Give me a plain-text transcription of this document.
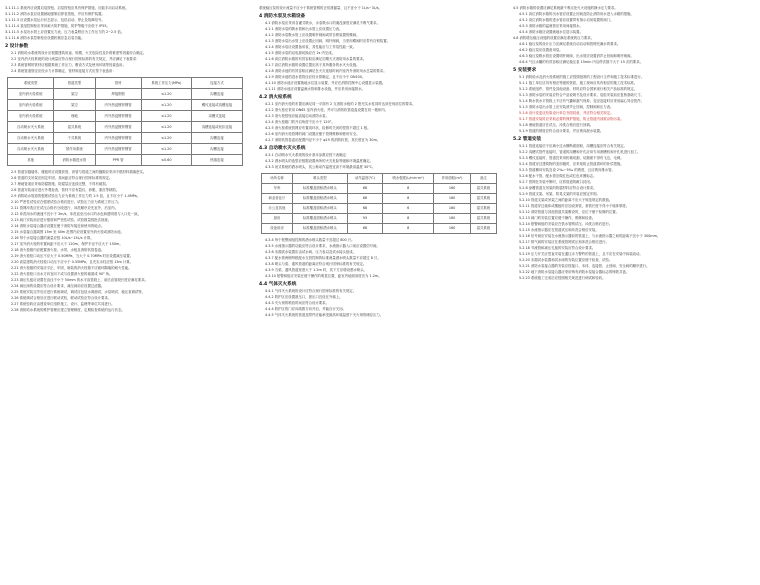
3.1.11.1 系统内应设置启泵按钮，启泵按钮应具有保护措施，应能手动启动系统。
3.1.11.2 消防水泵应设置就地强制启停泵按钮，并应有保护装置。
3.1.11.3 应设置水泵运行状态显示，包括启动、停止及故障信号。
3.1.11.4 泵组控制柜应采用耐火防护措施，防护等级不应低于 IP55。
3.1.11.5 水泵出水管上应设置压力表，压力表量程应为工作压力的 2~2.5 倍。
3.1.11.6 消防水泵控制柜应设置机械应急启泵功能。
2 设计参数
2.1 消防给水系统的设计应根据建筑用途、规模、火灾危险性及扑救难度等因素综合确定。
2.2 室内消火栓系统的设计流量应符合现行国家标准的有关规定，并应满足下表要求：
2.3 系统管网的管材应根据系统工作压力、敷设方式及使用环境等因素选用。
2.4 系统管道管径应经水力计算确定，管材和连接方式应按下表选用：
系统类型	管道类型	管材	系统工作压力(MPa)	连接方式
室内消火栓系统	架空	焊接钢管	≤1.20	沟槽连接
室内消火栓系统	架空	内外热浸镀锌钢管	≤1.20	螺纹连接或沟槽连接
室内消火栓系统	埋地	内外热浸镀锌钢管	≤1.20	沟槽式连接
自动喷水灭火系统	湿式系统	内外热浸镀锌钢管	≤1.20	沟槽连接或丝扣连接
自动喷水灭火系统	干式系统	内外热浸镀锌钢管	≤1.20	沟槽连接
自动喷水灭火系统	预作用系统	内外热浸镀锌钢管	≤1.20	沟槽连接
其他	消防水箱进水管	PPR 管	≤0.60	热熔连接
2.5 管道穿越墙体、楼板时应设置套管，套管与管道之间的缝隙应采用不燃材料填塞密实。
2.6 管道的支吊架应固定牢固，其间距应符合现行国家标准的规定。
2.7 埋地管道应采取防腐措施，防腐层应连续完整，不得有破损。
2.8 管道安装前应进行外观检查，管材不应有裂纹、砂眼、重皮等缺陷。
2.9 消防给水管道的强度试验压力应为系统工作压力的 1.5 倍，且不应小于 1.4MPa。
2.10 严密性试验应在强度试验合格后进行，试验压力应为系统工作压力。
2.11 管网冲洗应在试压合格后分段进行，冲洗顺序应先室外、后室内。
2.12 冲洗用水的流速不宜小于 3m/s，冲洗直至出水口的水色和透明度与入口处一致。
2.13 阀门安装前应进行强度和严密性试验，试验数量按批次抽查。
2.14 消防水泵接合器应设置在便于消防车接近和使用的地点。
2.15 水泵接合器周围 15m 至 40m 范围内应设置室外消火栓或消防水池。
2.16 每个水泵接合器的流量应按 10L/s~15L/s 计算。
2.17 室外消火栓的布置间距不应大于 120m，保护半径不应大于 150m。
2.18 消火栓箱内应配置消火栓、水带、水枪及消防软管卷盘。
2.19 消火栓栓口动压不应大于 0.50MPa，当大于 0.70MPa 时应设置减压装置。
2.20 高层建筑消火栓栓口动压不应小于 0.35MPa，且充实水柱应按 13m 计算。
2.21 消火栓箱的安装应平正、牢固，暗装的消火栓箱不应破坏隔墙的耐火性能。
2.22 消火栓栓口出水方向宜向下或与设置消火栓的墙面成 90° 角。
2.23 减压孔板应设置在直径不小于 50mm 的水平直管段上，前后直管段长度应满足要求。
2.24 减压阀的设置应符合设计要求，减压阀前应设置过滤器。
2.25 系统安装完毕后应进行系统调试，调试应包括水源测试、水泵调试、稳压泵调试等。
2.26 系统调试合格后应进行联动试验，联动试验应符合设计要求。
2.27 系统验收应由建设单位组织施工、设计、监理等单位共同进行。
2.28 消防给水系统的维护管理应建立管理制度，定期检查系统的运行状态。
系统稳压泵的设计流量不应小于系统管网的正常泄漏量，且不宜小于 1L/s~3L/s。
4 消防水泵及水箱设备
4.1 消防水泵应采用自灌式吸水，水泵吸水口的淹没深度应满足不吸气要求。
4.1.1 消防水泵的吸水管和出水管上应设置压力表。
4.1.2 消防水泵吸水管上应设置明杆闸阀或带自锁装置的蝶阀。
4.1.3 消防水泵出水管上应设置止回阀、明杆闸阀，当采用蝶阀时应带有自锁装置。
4.1.4 消防水泵应设置备用泵，其性能应与工作泵性能一致。
4.1.5 消防水泵的双电源切换应在 2s 内完成。
4.1.6 高位消防水箱的有效容积应满足初期火灾消防用水量的要求。
4.1.7 高位消防水箱的设置位置应高于其所服务的水灭火设施。
4.1.8 消防水池的有效容积应满足在火灾延续时间内室内外消防用水总量的要求。
4.1.9 消防水池的进水管管径应经计算确定，且不应小于 DN100。
4.1.10 消防水池应设置就地水位显示装置，并应在消防控制中心设置显示装置。
4.1.11 消防水池应设置溢流水管和排水设施，并应采用间接排水。
4.2 消火栓系统
4.2.1 室内消火栓的布置应满足同一平面有 2 支消防水枪的 2 股充实水柱同时达到任何部位的要求。
4.2.2 消火栓应采用 DN65 室内消火栓，并可与消防软管卷盘设置在同一箱体内。
4.2.3 消火栓按钮应能直接启动消防水泵。
4.2.4 消火栓箱门的开启角度不应小于 120°。
4.2.5 消火栓系统管网应布置成环状，检修时关闭的竖管不超过 1 根。
4.2.6 室内消火栓管网的阀门设置应便于管网维修和使用安全。
4.2.7 消防软管卷盘应配置内径不小于 φ19 的消防软管，其长度宜为 30m。
4.3 自动喷水灭火系统
4.3.1 自动喷水灭火系统的设计基本参数应按下表确定：
4.3.2 洒水喷头的选型应根据设置场所的火灾危险等级和环境温度确定。
4.3.3 闭式系统的洒水喷头，其公称动作温度宜高于环境最高温度 30℃。
场所名称	喷头类型	动作温度(℃)	喷水强度(L/min·m²)	作用面积(m²)	备注
车库	标准覆盖面积洒水喷头	68	8	160	湿式系统
商业营业厅	标准覆盖面积洒水喷头	68	8	160	湿式系统
办公及其他	标准覆盖面积洒水喷头	68	6	160	湿式系统
厨房	标准覆盖面积洒水喷头	93	8	160	湿式系统
设备用房	标准覆盖面积洒水喷头	68	8	160	湿式系统
4.3.4 每个报警阀组控制的洒水喷头数量不宜超过 800 只。
4.3.5 水流指示器的功能应符合设计要求，水流指示器入口前应设置信号阀。
4.3.6 末端试水装置应由试水阀、压力表以及试水接头组成。
4.3.7 配水管两侧每根配水支管控制的标准流量洒水喷头数量不应超过 8 只。
4.3.8 喷头与梁、通风管道的距离应符合现行国家标准的有关规定。
4.3.9 当梁、通风管道宽度大于 1.2m 时，其下方应增设洒水喷头。
4.3.10 报警阀组应安装在便于操作的明显位置，距室内地面高度宜为 1.2m。
4.4 气体灭火系统
4.4.1 气体灭火系统的设计应符合现行国家标准的有关规定。
4.4.2 防护区应设置泄压口，泄压口宜设在外墙上。
4.4.3 灭火剂的喷放时间应符合设计要求。
4.4.4 防护区的门应向疏散方向开启，并能自行关闭。
4.4.5 气体灭火系统的管道及附件应能承受最高环境温度下灭火剂的储存压力。
4.5 消防水箱的设置应满足系统最不利点处灭火设施的静水压力要求。
4.5.1 高位消防水箱的出水管应设置止回阀及防止消防用水进入水箱的措施。
4.5.2 高位消防水箱的进水管应设置带有指示启闭装置的阀门。
4.5.3 消防水箱的溢流管应采用间接排水。
4.5.4 消防水箱应设置就地水位显示装置。
4.6 消防增压稳压设施的设置应满足系统的压力要求。
4.6.1 稳压泵的设计压力应满足系统自动启动和管网充满水的要求。
4.6.2 稳压泵应设置备用泵。
4.6.3 稳压泵吸水管应设置明杆闸阀，出水管应设置消声止回阀和明杆闸阀。
4.6.4 气压水罐的有效容积应满足稳压泵 15min 内启停次数不大于 15 次的要求。
5 安装要求
5.1 消防给水及消火栓系统的施工应按照批准的工程设计文件和施工技术标准进行。
5.1.1 施工单位应具有相应等级的资质，施工现场应具有相应的施工技术标准。
5.1.2 系统组件、管件及其他设备、材料应符合国家现行相关产品标准的规定。
5.1.3 消防水泵的安装应符合产品说明书及设计要求，泵组安装前应复核基础尺寸。
5.1.4 吸水管水平管段上不应有气囊和漏气现象，变径连接时应采用偏心异径管件。
5.1.5 消防水泵出水管上应安装消声止回阀、控制阀和压力表。
5.1.6 设计变更应经原设计单位书面同意，并应符合相关规定。
5.1.7 管道安装时应采取必要的保护措施，防止管道内部被杂物污染。
5.1.8 埋地管道应在试压、冲洗合格后进行回填。
5.1.9 管道的坡度应符合设计要求，并应坡向泄水装置。
5.2 管道安装
5.2.1 管道连接后不应减小过水横断面面积，沟槽连接应符合有关规定。
5.2.2 沟槽式管件连接时，管道的沟槽和开孔应用专用滚槽机和开孔机进行加工。
5.2.3 螺纹连接时，管道宜采用机械切割，切割面不得有飞边、毛刺。
5.2.4 管道穿过建筑物的变形缝时，应采取防止管道损坏的补偿措施。
5.2.5 管道横向安装宜设 2‰~5‰ 的坡度，且应坡向排水管。
5.2.6 配水干管、配水管应做红色或红色环圈标志。
5.2.7 管网在安装中断时，应将管道的敞口封闭。
5.2.8 涂覆管道支吊架的防腐材料应符合设计要求。
5.2.9 管道支架、吊架、防晃支架的安装应固定牢固。
5.2.10 管道支架或吊架之间的距离不应大于规范规定的数值。
5.2.11 管道穿过墙体或楼板时应加设套管，套管长度不得小于墙体厚度。
5.2.12 消防管道与其他管道共架敷设时，应位于便于检修的位置。
5.2.13 阀门的安装位置应便于操作、维修和检查。
5.2.14 报警阀组的安装应在供水管网试压、冲洗合格后进行。
5.2.15 水流指示器应在管道试压和冲洗合格后安装。
5.2.16 信号阀应安装在水流指示器前的管道上，与水流指示器之间的距离不宜小于 300mm。
5.2.17 排气阀的安装应在系统管网试压和冲洗合格后进行。
5.2.18 节流管和减压孔板的安装应符合设计要求。
5.2.19 压力开关应竖直安装在通往水力警铃的管道上，且不应在安装中拆装改动。
5.2.20 末端试水装置和试水阀的安装位置应便于检查、试验。
5.2.21 消防水泵接合器的安装应按接口、本体、连接管、止回阀、安全阀的顺序进行。
5.2.22 地下消防水泵接合器应采用铸有消防水泵接合器标志的铸铁井盖。
5.2.23 系统施工完成后应按照相关规范进行调试和验收。
